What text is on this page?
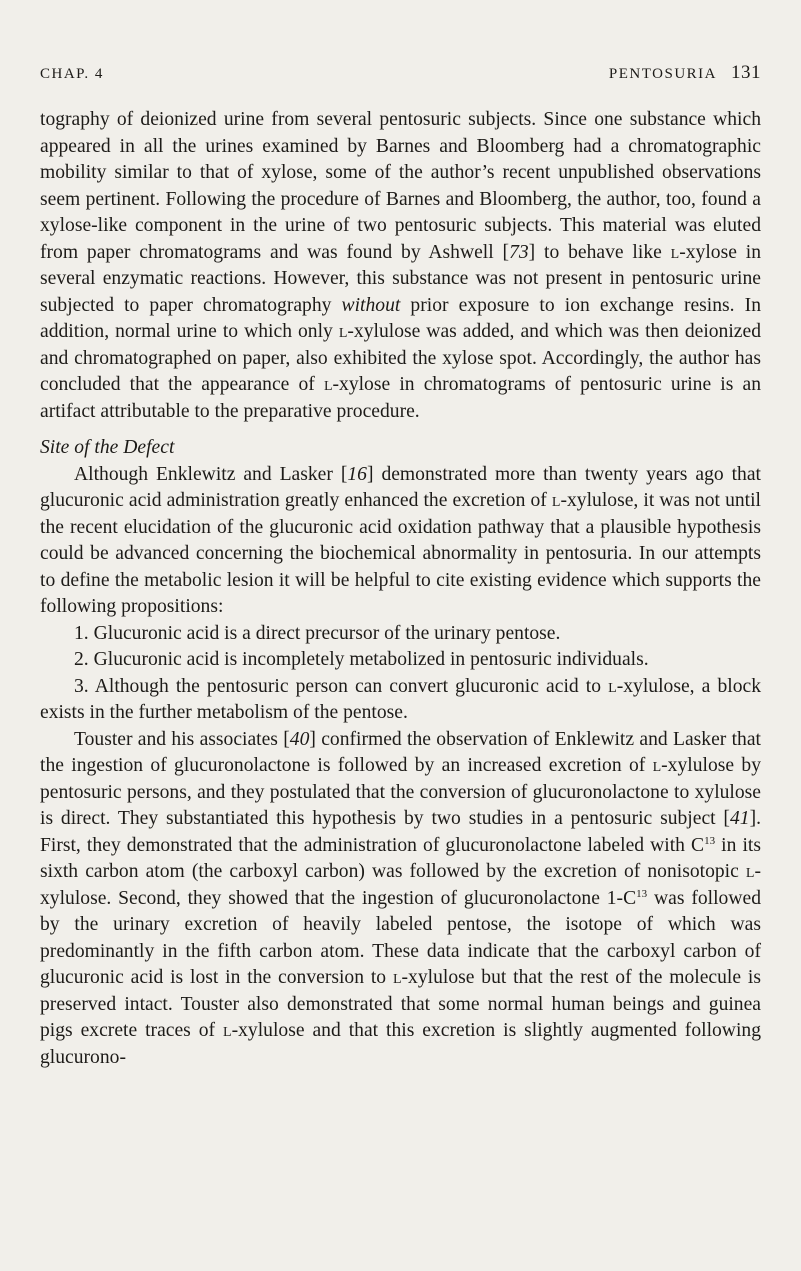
CHAP. 4	PENTOSURIA 131

tography of deionized urine from several pentosuric subjects. Since one substance which appeared in all the urines examined by Barnes and Bloomberg had a chromatographic mobility similar to that of xylose, some of the author’s recent unpublished observations seem pertinent. Following the procedure of Barnes and Bloomberg, the author, too, found a xylose-like component in the urine of two pentosuric subjects. This material was eluted from paper chromatograms and was found by Ashwell [73] to behave like l-xylose in several enzymatic reactions. However, this substance was not present in pentosuric urine subjected to paper chromatography without prior exposure to ion exchange resins. In addition, normal urine to which only l-xylulose was added, and which was then deionized and chromatographed on paper, also exhibited the xylose spot. Accordingly, the author has concluded that the appearance of l-xylose in chromatograms of pentosuric urine is an artifact attributable to the preparative procedure.

Site of the Defect

Although Enklewitz and Lasker [16] demonstrated more than twenty years ago that glucuronic acid administration greatly enhanced the excretion of l-xylulose, it was not until the recent elucidation of the glucuronic acid oxidation pathway that a plausible hypothesis could be advanced concerning the biochemical abnormality in pentosuria. In our attempts to define the metabolic lesion it will be helpful to cite existing evidence which supports the following propositions:

1. Glucuronic acid is a direct precursor of the urinary pentose.

2. Glucuronic acid is incompletely metabolized in pentosuric individuals.

3. Although the pentosuric person can convert glucuronic acid to l-xylulose, a block exists in the further metabolism of the pentose.

Touster and his associates [40] confirmed the observation of Enklewitz and Lasker that the ingestion of glucuronolactone is followed by an increased excretion of l-xylulose by pentosuric persons, and they postulated that the conversion of glucuronolactone to xylulose is direct. They substantiated this hypothesis by two studies in a pentosuric subject [41]. First, they demonstrated that the administration of glucuronolactone labeled with $C^{13}$ in its sixth carbon atom (the carboxyl carbon) was followed by the excretion of nonisotopic l-xylulose. Second, they showed that the ingestion of glucuronolactone $1-C^{13}$ was followed by the urinary excretion of heavily labeled pentose, the isotope of which was predominantly in the fifth carbon atom. These data indicate that the carboxyl carbon of glucuronic acid is lost in the conversion to l-xylulose but that the rest of the molecule is preserved intact. Touster also demonstrated that some normal human beings and guinea pigs excrete traces of l-xylulose and that this excretion is slightly augmented following glucurono-
